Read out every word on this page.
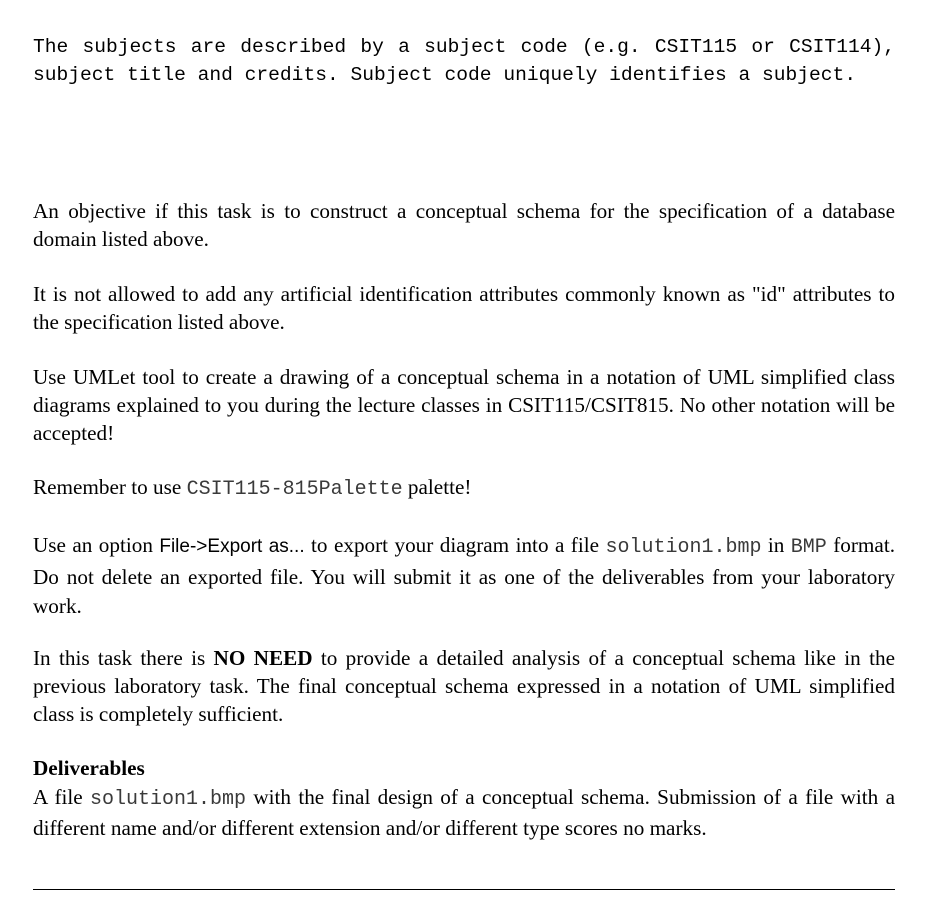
The subjects are described by a subject code (e.g. CSIT115 or CSIT114), subject title and credits. Subject code uniquely identifies a subject.

An objective if this task is to construct a conceptual schema for the specification of a database domain listed above.

It is not allowed to add any artificial identification attributes commonly known as "id" attributes to the specification listed above.

Use UMLet tool to create a drawing of a conceptual schema in a notation of UML simplified class diagrams explained to you during the lecture classes in CSIT115/CSIT815. No other notation will be accepted!

Remember to use CSIT115-815Palette palette!

Use an option File->Export as... to export your diagram into a file solution1.bmp in BMP format. Do not delete an exported file. You will submit it as one of the deliverables from your laboratory work.

In this task there is NO NEED to provide a detailed analysis of a conceptual schema like in the previous laboratory task. The final conceptual schema expressed in a notation of UML simplified class is completely sufficient.

Deliverables

A file solution1.bmp with the final design of a conceptual schema. Submission of a file with a different name and/or different extension and/or different type scores no marks.
